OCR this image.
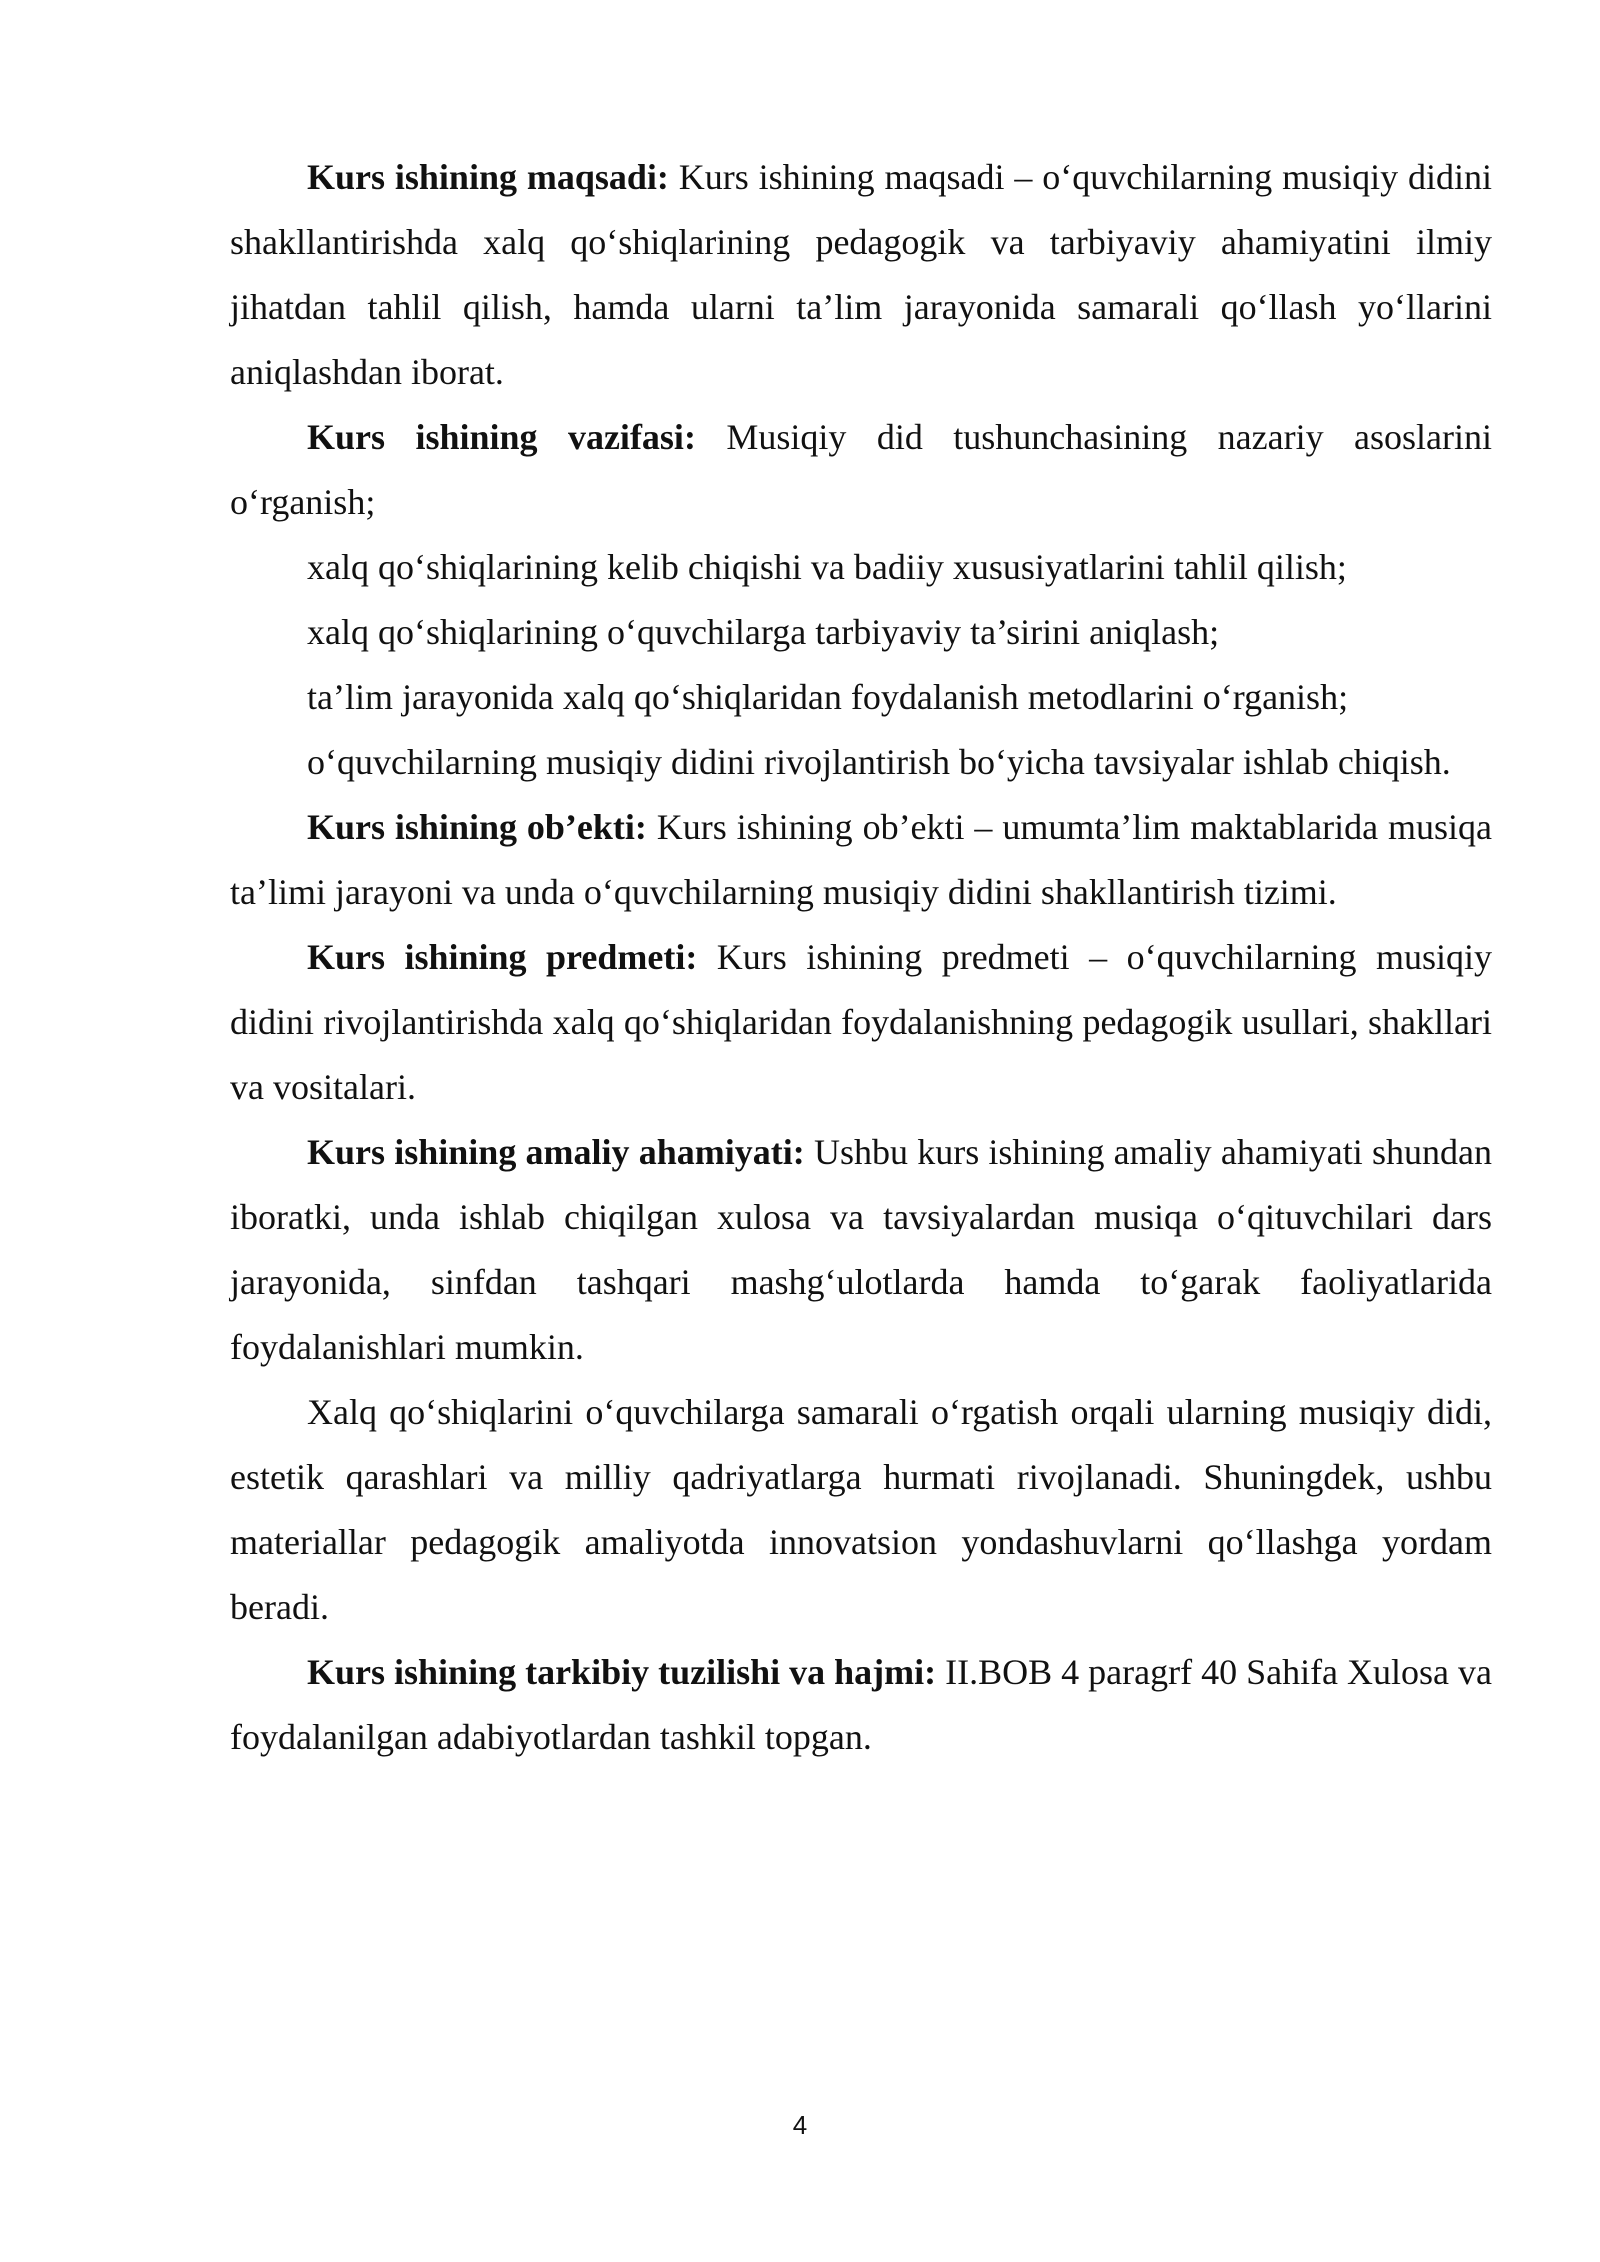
Kurs ishining maqsadi: Kurs ishining maqsadi – o‘quvchilarning musiqiy didini shakllantirishda xalq qo‘shiqlarining pedagogik va tarbiyaviy ahamiyatini ilmiy jihatdan tahlil qilish, hamda ularni ta’lim jarayonida samarali qo‘llash yo‘llarini aniqlashdan iborat.

Kurs ishining vazifasi: Musiqiy did tushunchasining nazariy asoslarini o‘rganish;

xalq qo‘shiqlarining kelib chiqishi va badiiy xususiyatlarini tahlil qilish;

xalq qo‘shiqlarining o‘quvchilarga tarbiyaviy ta’sirini aniqlash;

ta’lim jarayonida xalq qo‘shiqlaridan foydalanish metodlarini o‘rganish;

o‘quvchilarning musiqiy didini rivojlantirish bo‘yicha tavsiyalar ishlab chiqish.

Kurs ishining ob’ekti: Kurs ishining ob’ekti – umumta’lim maktablarida musiqa ta’limi jarayoni va unda o‘quvchilarning musiqiy didini shakllantirish tizimi.

Kurs ishining predmeti: Kurs ishining predmeti – o‘quvchilarning musiqiy didini rivojlantirishda xalq qo‘shiqlaridan foydalanishning pedagogik usullari, shakllari va vositalari.

Kurs ishining amaliy ahamiyati: Ushbu kurs ishining amaliy ahamiyati shundan iboratki, unda ishlab chiqilgan xulosa va tavsiyalardan musiqa o‘qituvchilari dars jarayonida, sinfdan tashqari mashg‘ulotlarda hamda to‘garak faoliyatlarida foydalanishlari mumkin.

Xalq qo‘shiqlarini o‘quvchilarga samarali o‘rgatish orqali ularning musiqiy didi, estetik qarashlari va milliy qadriyatlarga hurmati rivojlanadi. Shuningdek, ushbu materiallar pedagogik amaliyotda innovatsion yondashuvlarni qo‘llashga yordam beradi.

Kurs ishining tarkibiy tuzilishi va hajmi: II.BOB 4 paragrf 40 Sahifa Xulosa va foydalanilgan adabiyotlardan tashkil topgan.

4
